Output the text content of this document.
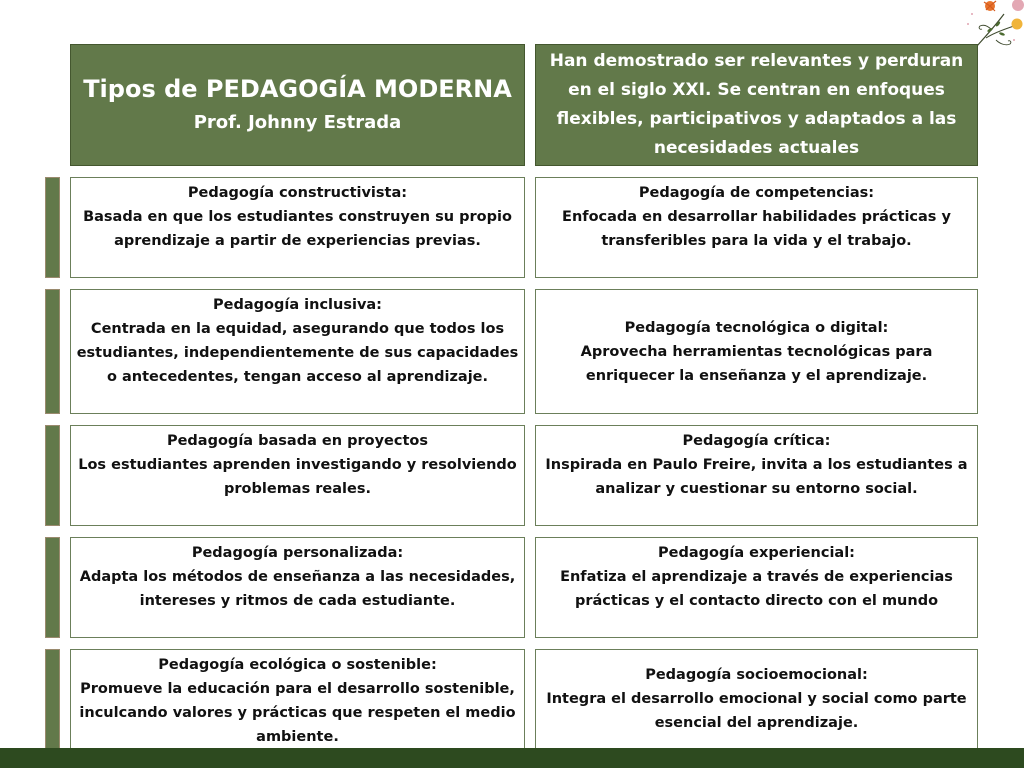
Tipos de PEDAGOGÍA MODERNA
Prof. Johnny Estrada
Han demostrado ser relevantes y perduran en el siglo XXI. Se centran en enfoques flexibles, participativos y adaptados a las necesidades actuales
Pedagogía constructivista:
Basada en que los estudiantes construyen su propio aprendizaje a partir de experiencias previas.
Pedagogía inclusiva:
Centrada en la equidad, asegurando que todos los estudiantes, independientemente de sus capacidades o antecedentes, tengan acceso al aprendizaje.
Pedagogía basada en proyectos
Los estudiantes aprenden investigando y resolviendo problemas reales.
Pedagogía personalizada:
Adapta los métodos de enseñanza a las necesidades, intereses y ritmos de cada estudiante.
Pedagogía ecológica o sostenible:
Promueve la educación para el desarrollo sostenible, inculcando valores y prácticas que respeten el medio ambiente.
Pedagogía de competencias:
Enfocada en desarrollar habilidades prácticas y transferibles para la vida y el trabajo.
Pedagogía tecnológica o digital:
Aprovecha herramientas tecnológicas para enriquecer la enseñanza y el aprendizaje.
Pedagogía crítica:
Inspirada en Paulo Freire, invita a los estudiantes a analizar y cuestionar su entorno social.
Pedagogía experiencial:
Enfatiza el aprendizaje a través de experiencias prácticas y el contacto directo con el mundo
Pedagogía socioemocional:
Integra el desarrollo emocional y social como parte esencial del aprendizaje.
